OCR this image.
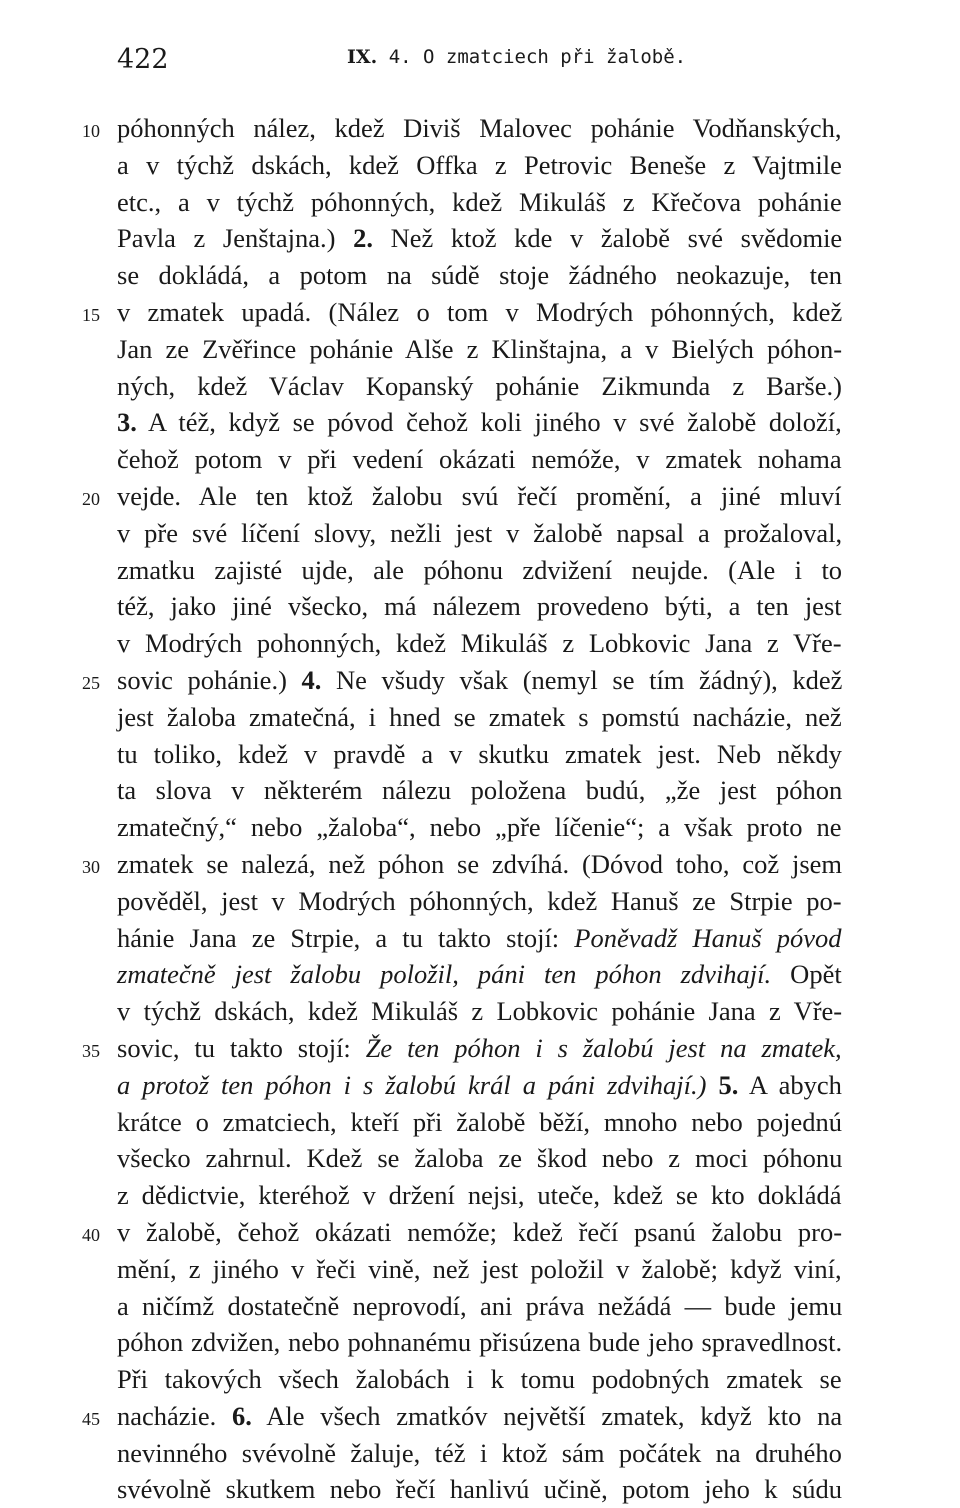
422	IX. 4. O zmatciech při žalobě.
10 póhonných nález, kdež Diviš Malovec pohánie Vodňanských,
a v týchž dskách, kdež Offka z Petrovic Beneše z Vajtmile
etc., a v týchž póhonných, kdež Mikuláš z Křečova pohánie
Pavla z Jenštajna.) 2. Než ktož kde v žalobě své svědomie
se dokládá, a potom na súdě stoje žádného neokazuje, ten
15 v zmatek upadá. (Nález o tom v Modrých póhonných, kdež
Jan ze Zvěřince pohánie Alše z Klinštajna, a v Bielých póhon-
ných, kdež Václav Kopanský pohánie Zikmunda z Barše.)
3. A též, když se póvod čehož koli jiného v své žalobě doloží,
čehož potom v při vedení okázati nemóže, v zmatek nohama
20 vejde. Ale ten ktož žalobu svú řečí promění, a jiné mluví
v pře své líčení slovy, nežli jest v žalobě napsal a prožaloval,
zmatku zajisté ujde, ale póhonu zdvižení neujde. (Ale i to
též, jako jiné všecko, má nálezem provedeno býti, a ten jest
v Modrých pohonných, kdež Mikuláš z Lobkovic Jana z Vře-
25 sovic pohánie.) 4. Ne všudy však (nemyl se tím žádný), kdež
jest žaloba zmatečná, i hned se zmatek s pomstú nacházie, než
tu toliko, kdež v pravdě a v skutku zmatek jest. Neb někdy
ta slova v některém nálezu položena budú, „že jest póhon
zmatečný,“ nebo „žaloba“, nebo „pře líčenie“; a však proto ne
30 zmatek se nalezá, než póhon se zdvíhá. (Dóvod toho, což jsem
pověděl, jest v Modrých póhonných, kdež Hanuš ze Strpie po-
hánie Jana ze Strpie, a tu takto stojí: Poněvadž Hanuš póvod
zmatečně jest žalobu položil, páni ten póhon zdvihají. Opět
v týchž dskách, kdež Mikuláš z Lobkovic pohánie Jana z Vře-
35 sovic, tu takto stojí: Že ten póhon i s žalobú jest na zmatek,
a protož ten póhon i s žalobú král a páni zdvihají.) 5. A abych
krátce o zmatciech, kteří při žalobě běží, mnoho nebo pojednú
všecko zahrnul. Kdež se žaloba ze škod nebo z moci póhonu
z dědictvie, kteréhož v držení nejsi, uteče, kdež se kto dokládá
40 v žalobě, čehož okázati nemóže; kdež řečí psanú žalobu pro-
mění, z jiného v řeči vině, než jest položil v žalobě; když viní,
a ničímž dostatečně neprovodí, ani práva nežádá — bude jemu
póhon zdvižen, nebo pohnanému přisúzena bude jeho spravedlnost.
Při takových všech žalobách i k tomu podobných zmatek se
45 nacházie. 6. Ale všech zmatkóv největší zmatek, když kto na
nevinného svévolně žaluje, též i ktož sám počátek na druhého
svévolně skutkem nebo řečí hanlivú učině, potom jeho k súdu
